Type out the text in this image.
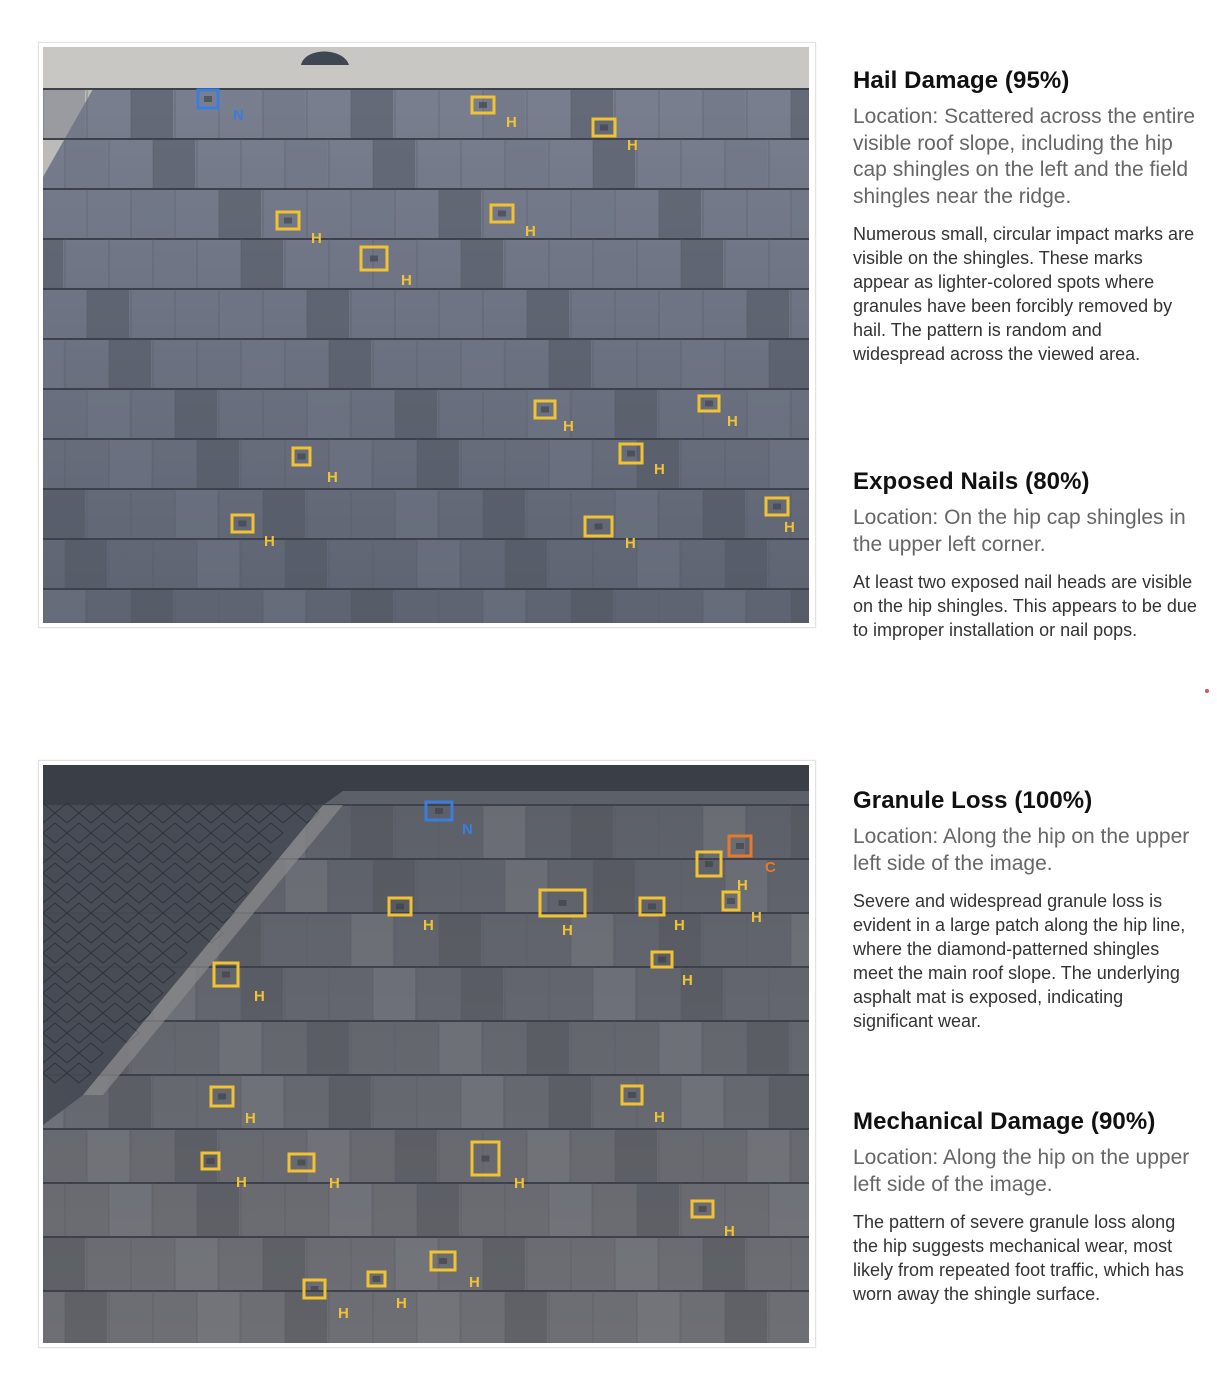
N	H
H
H	H
H
H	H
H	H
H	H
H
Hail Damage (95%)

Location: Scattered across the entire visible roof slope, including the hip cap shingles on the left and the field shingles near the ridge.

Numerous small, circular impact marks are visible on the shingles. These marks appear as lighter-colored spots where granules have been forcibly removed by hail. The pattern is random and widespread across the viewed area.

Exposed Nails (80%)

Location: On the hip cap shingles in the upper left corner.

At least two exposed nail heads are visible on the hip shingles. This appears to be due to improper installation or nail pops.

N
C
H
H
H	H	H
H
H
H	H
H	H	H
H
H
H
H
Granule Loss (100%)

Location: Along the hip on the upper left side of the image.

Severe and widespread granule loss is evident in a large patch along the hip line, where the diamond-patterned shingles meet the main roof slope. The underlying asphalt mat is exposed, indicating significant wear.

Mechanical Damage (90%)

Location: Along the hip on the upper left side of the image.

The pattern of severe granule loss along the hip suggests mechanical wear, most likely from repeated foot traffic, which has worn away the shingle surface.
